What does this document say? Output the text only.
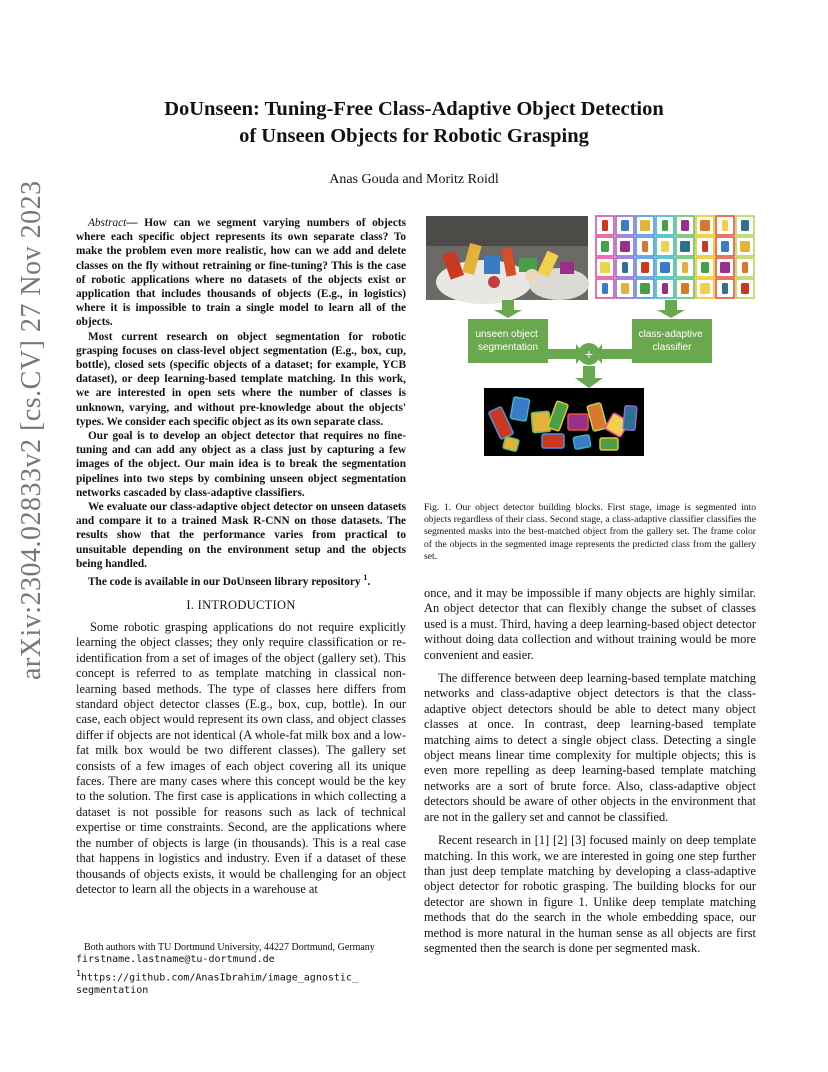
arXiv:2304.02833v2 [cs.CV] 27 Nov 2023
DoUnseen: Tuning-Free Class-Adaptive Object Detection
of Unseen Objects for Robotic Grasping
Anas Gouda and Moritz Roidl

Abstract— How can we segment varying numbers of objects where each specific object represents its own separate class? To make the problem even more realistic, how can we add and delete classes on the fly without retraining or fine-tuning? This is the case of robotic applications where no datasets of the objects exist or application that includes thousands of objects (E.g., in logistics) where it is impossible to train a single model to learn all of the objects.

Most current research on object segmentation for robotic grasping focuses on class-level object segmentation (E.g., box, cup, bottle), closed sets (specific objects of a dataset; for example, YCB dataset), or deep learning-based template matching. In this work, we are interested in open sets where the number of classes is unknown, varying, and without pre-knowledge about the objects' types. We consider each specific object as its own separate class.

Our goal is to develop an object detector that requires no fine-tuning and can add any object as a class just by capturing a few images of the object. Our main idea is to break the segmentation pipelines into two steps by combining unseen object segmentation networks cascaded by class-adaptive classifiers.

We evaluate our class-adaptive object detector on unseen datasets and compare it to a trained Mask R-CNN on those datasets. The results show that the performance varies from practical to unsuitable depending on the environment setup and the objects being handled.

The code is available in our DoUnseen library repository $^1$.

I. INTRODUCTION

Some robotic grasping applications do not require explicitly learning the object classes; they only require classification or re-identification from a set of images of the object (gallery set). This concept is referred to as template matching in classical non-learning based methods. The type of classes here differs from standard object detector classes (E.g., box, cup, bottle). In our case, each object would represent its own class, and object classes differ if objects are not identical (A whole-fat milk box and a low-fat milk box would be two different classes). The gallery set consists of a few images of each object covering all its unique faces. There are many cases where this concept would be the key to the solution. The first case is applications in which collecting a dataset is not possible for reasons such as lack of technical expertise or time constraints. Second, are the applications where the number of objects is large (in thousands). This is a real case that happens in logistics and industry. Even if a dataset of these thousands of objects exists, it would be challenging for an object detector to learn all the objects in a warehouse at

unseen object segmentation
class-adaptive classifier
+
Fig. 1. Our object detector building blocks. First stage, image is segmented into objects regardless of their class. Second stage, a class-adaptive classifier classifies the segmented masks into the best-matched object from the gallery set. The frame color of the objects in the segmented image represents the predicted class from the gallery set.

once, and it may be impossible if many objects are highly similar. An object detector that can flexibly change the subset of classes used is a must. Third, having a deep learning-based object detector without doing data collection and without training would be more convenient and easier.

The difference between deep learning-based template matching networks and class-adaptive object detectors is that the class-adaptive object detectors should be able to detect many object classes at once. In contrast, deep learning-based template matching aims to detect a single object class. Detecting a single object means linear time complexity for multiple objects; this is even more repelling as deep learning-based template matching networks are a sort of brute force. Also, class-adaptive object detectors should be aware of other objects in the environment that are not in the gallery set and cannot be classified.

Recent research in [1] [2] [3] focused mainly on deep template matching. In this work, we are interested in going one step further than just deep template matching by developing a class-adaptive object detector for robotic grasping. The building blocks for our detector are shown in figure 1. Unlike deep template matching methods that do the search in the whole embedding space, our method is more natural in the human sense as all objects are first segmented then the search is done per segmented mask.

Both authors with TU Dortmund University, 44227 Dortmund, Germany
firstname.lastname@tu-dortmund.de
$^1$https://github.com/AnasIbrahim/image_agnostic_
segmentation
